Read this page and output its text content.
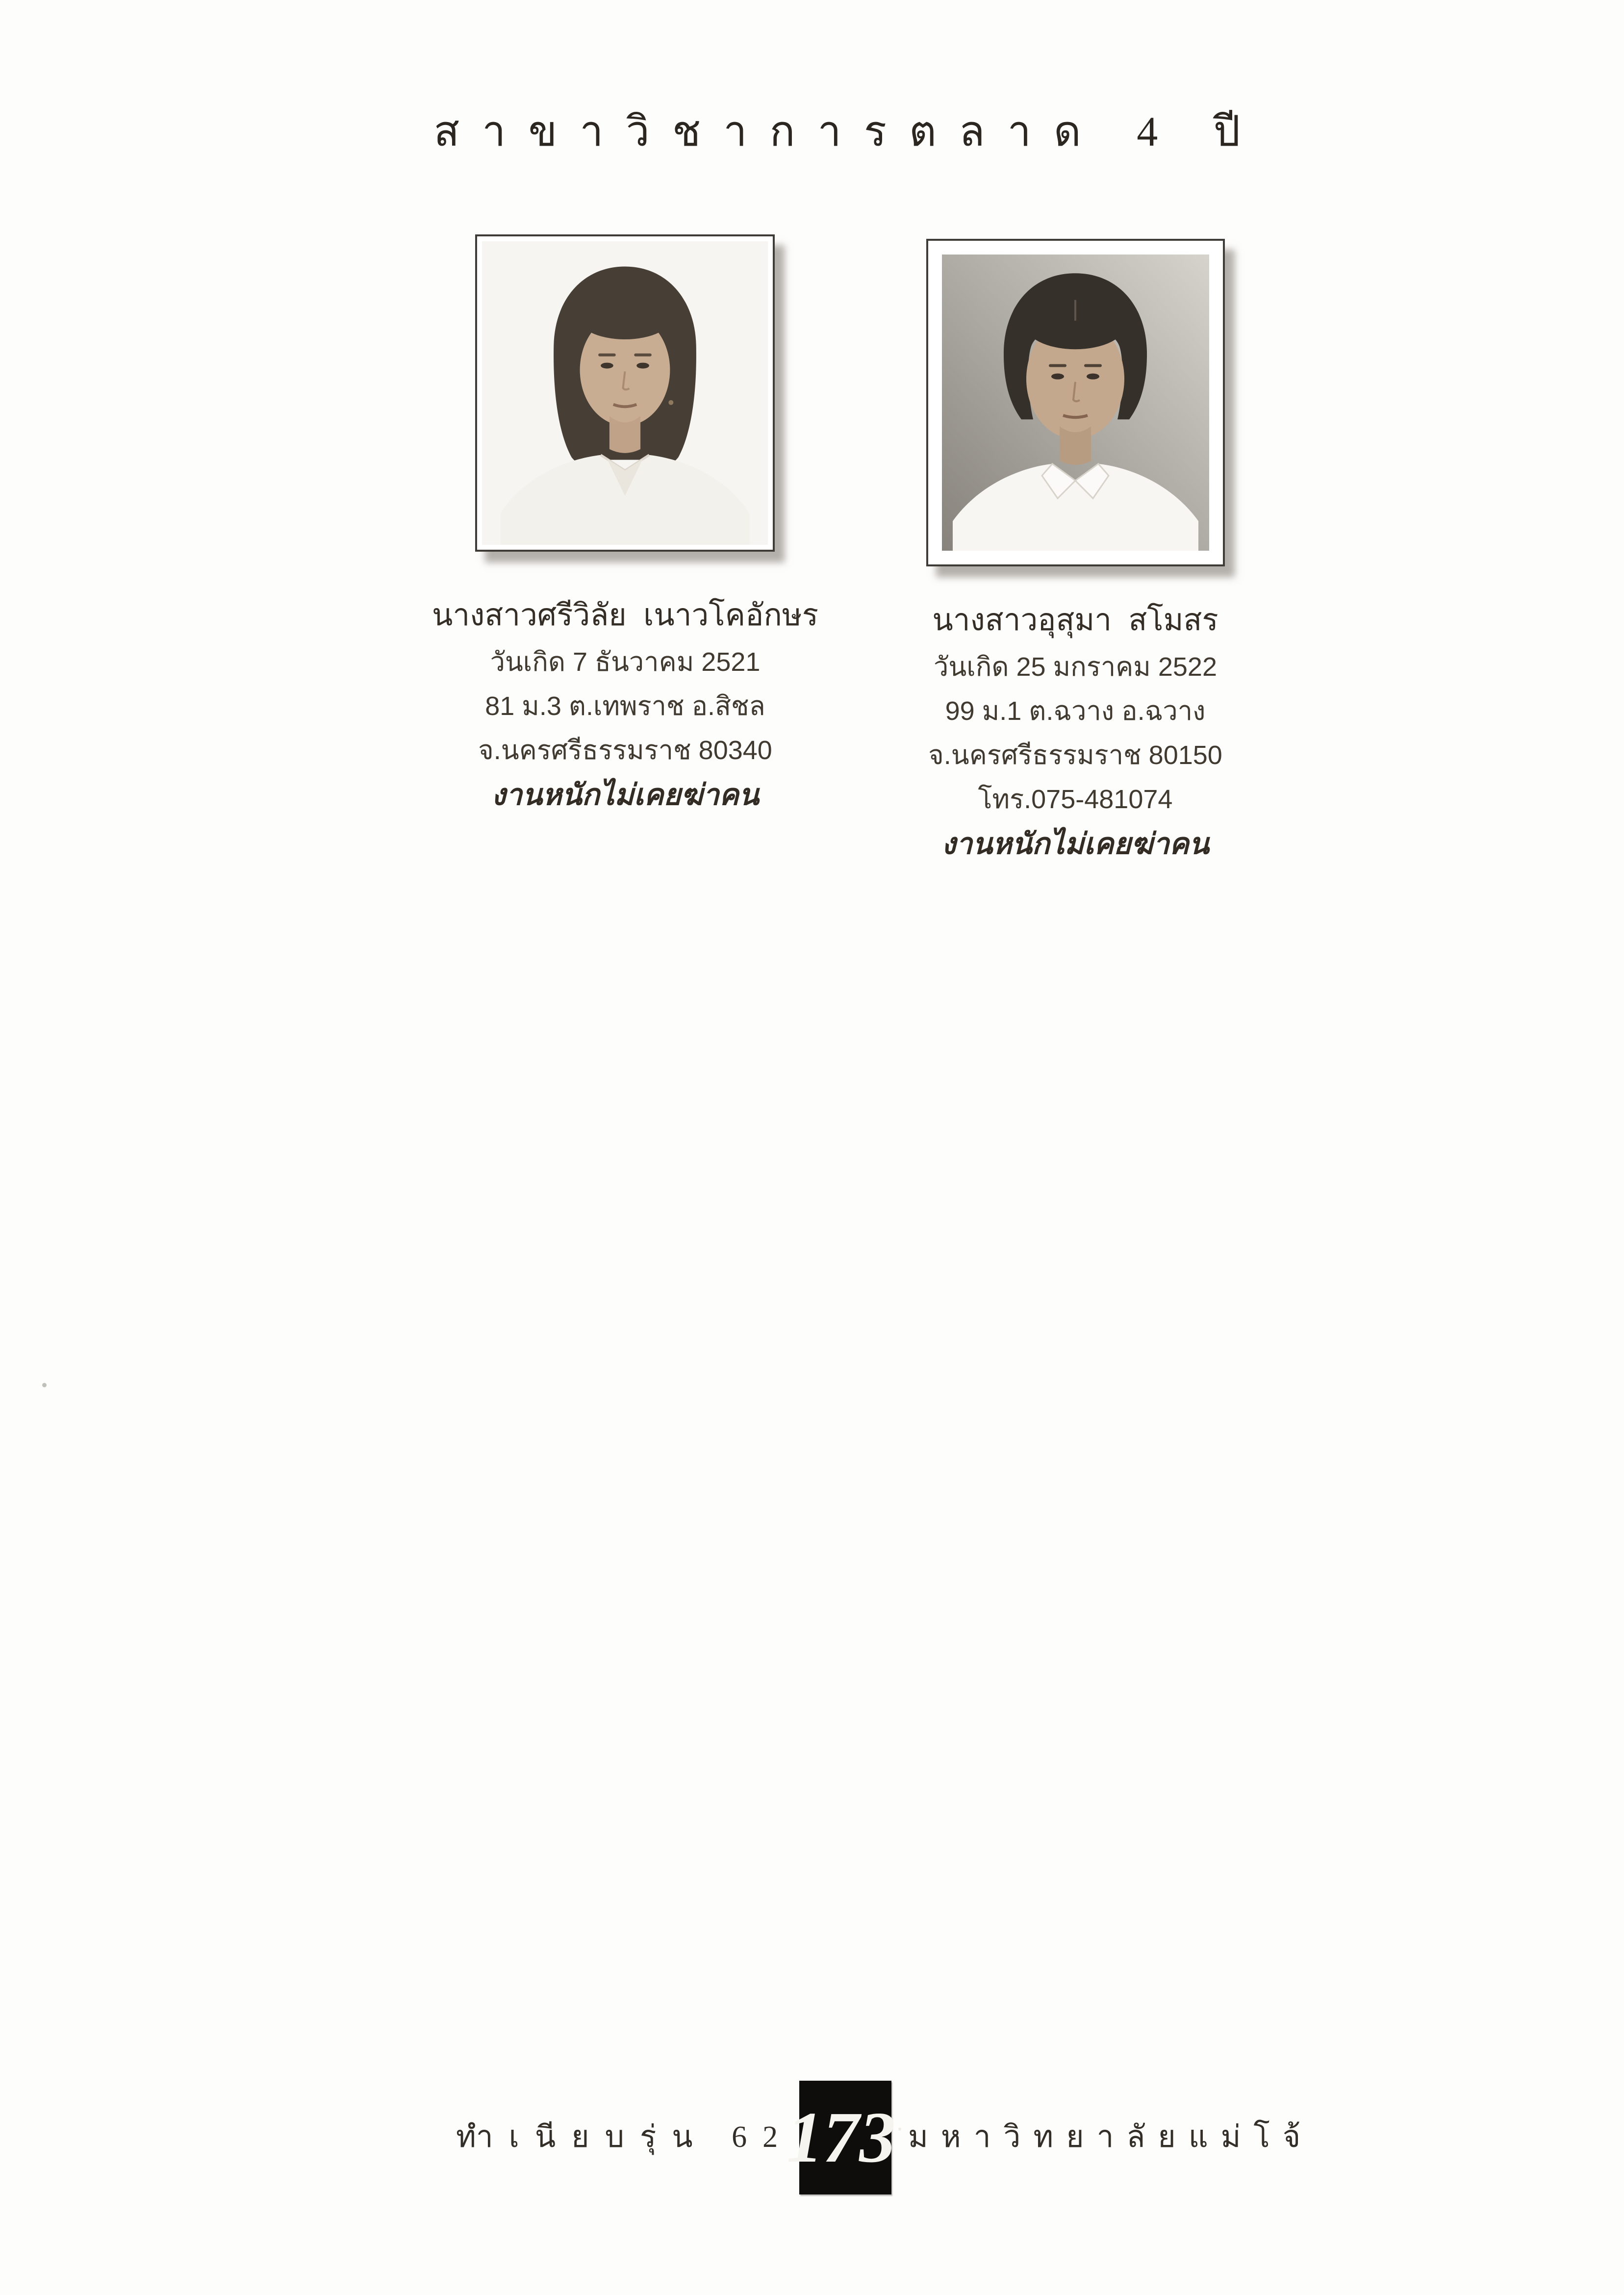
สาขาวิชาการตลาด 4 ปี
นางสาวศรีวิลัย  เนาวโคอักษร
วันเกิด 7 ธันวาคม 2521
81 ม.3 ต.เทพราช อ.สิชล
จ.นครศรีธรรมราช 80340
งานหนักไม่เคยฆ่าคน
นางสาวอุสุมา  สโมสร
วันเกิด 25 มกราคม 2522
99 ม.1 ต.ฉวาง อ.ฉวาง
จ.นครศรีธรรมราช 80150
โทร.075-481074
งานหนักไม่เคยฆ่าคน
ทำเนียบรุ่น 62
173 · มหาวิทยาลัยแม่โจ้
